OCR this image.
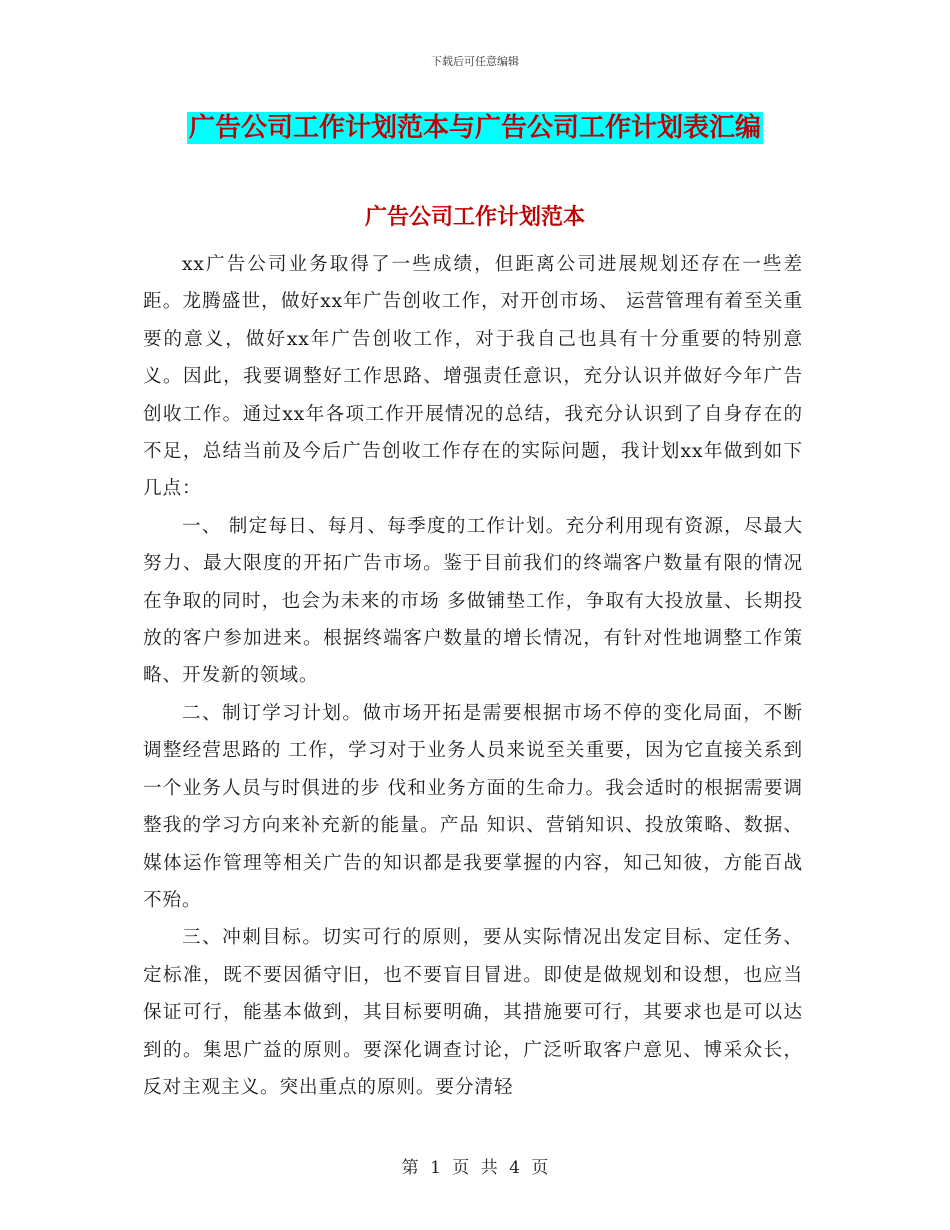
下载后可任意编辑
广告公司工作计划范本与广告公司工作计划表汇编
广告公司工作计划范本

xx广告公司业务取得了一些成绩，但距离公司进展规划还存在一些差距。龙腾盛世，做好xx年广告创收工作，对开创市场、 运营管理有着至关重要的意义，做好xx年广告创收工作，对于我自己也具有十分重要的特别意义。因此，我要调整好工作思路、增强责任意识，充分认识并做好今年广告创收工作。通过xx年各项工作开展情况的总结，我充分认识到了自身存在的不足，总结当前及今后广告创收工作存在的实际问题，我计划xx年做到如下几点：

一、 制定每日、每月、每季度的工作计划。充分利用现有资源，尽最大努力、最大限度的开拓广告市场。鉴于目前我们的终端客户数量有限的情况在争取的同时，也会为未来的市场 多做铺垫工作，争取有大投放量、长期投放的客户参加进来。根据终端客户数量的增长情况，有针对性地调整工作策略、开发新的领域。

二、制订学习计划。做市场开拓是需要根据市场不停的变化局面，不断调整经营思路的 工作，学习对于业务人员来说至关重要，因为它直接关系到一个业务人员与时俱进的步 伐和业务方面的生命力。我会适时的根据需要调整我的学习方向来补充新的能量。产品 知识、营销知识、投放策略、数据、媒体运作管理等相关广告的知识都是我要掌握的内容，知己知彼，方能百战不殆。

三、冲刺目标。切实可行的原则，要从实际情况出发定目标、定任务、定标准，既不要因循守旧，也不要盲目冒进。即使是做规划和设想，也应当保证可行，能基本做到，其目标要明确，其措施要可行，其要求也是可以达到的。集思广益的原则。要深化调查讨论，广泛听取客户意见、博采众长，反对主观主义。突出重点的原则。要分清轻

第 1 页 共 4 页
